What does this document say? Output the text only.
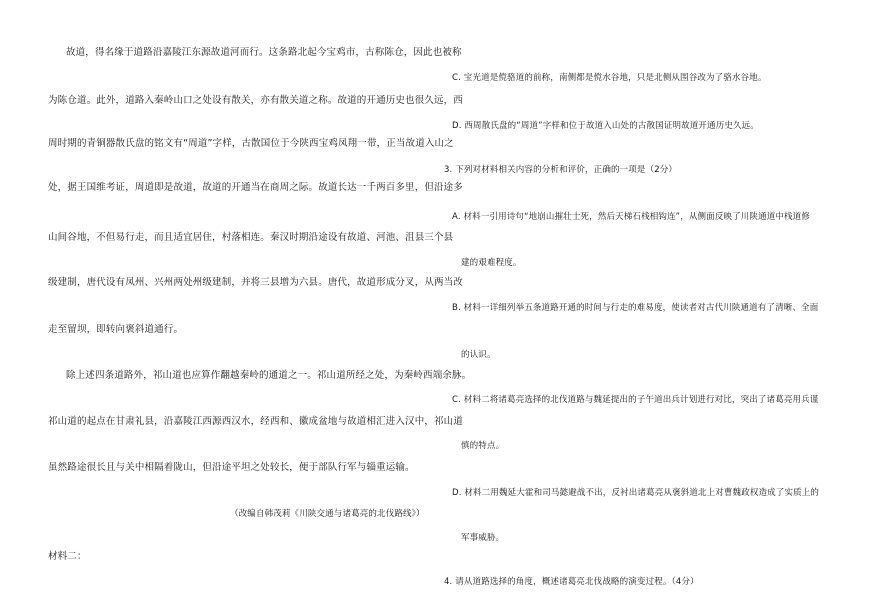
故道，得名缘于道路沿嘉陵江东源故道河而行。这条路北起今宝鸡市，古称陈仓，因此也被称
为陈仓道。此外，道路入秦岭山口之处设有散关，亦有散关道之称。故道的开通历史也很久远，西
周时期的青铜器散氏盘的铭文有“周道”字样，古散国位于今陕西宝鸡凤翔一带，正当故道入山之
处，据王国维考证，周道即是故道，故道的开通当在商周之际。故道长达一千两百多里，但沿途多
山间谷地，不但易行走，而且适宜居住，村落相连。秦汉时期沿途设有故道、河池、沮县三个县
级建制，唐代设有凤州、兴州两处州级建制，并将三县增为六县。唐代，故道形成分叉，从两当改
走至留坝，即转向褒斜道通行。
除上述四条道路外，祁山道也应算作翻越秦岭的通道之一。祁山道所经之处，为秦岭西端余脉。
祁山道的起点在甘肃礼县，沿嘉陵江西源西汉水，经西和、徽成盆地与故道相汇进入汉中，祁山道
虽然路途很长且与关中相隔着陇山，但沿途平坦之处较长，便于部队行军与辎重运输。
（改编自韩茂莉《川陕交通与诸葛亮的北伐路线》）
材料二：
C. 宝光道是傥骆道的前称，南侧都是傥水谷地，只是北侧从围谷改为了骆水谷地。
D. 西周散氏盘的“周道”字样和位于故道入山处的古散国证明故道开通历史久远。
3. 下列对材料相关内容的分析和评价，正确的一项是（2分）
A. 材料一引用诗句“地崩山摧壮士死，然后天梯石栈相钩连”，从侧面反映了川陕通道中栈道修
建的艰难程度。
B. 材料一详细列举五条道路开通的时间与行走的难易度，使读者对古代川陕通道有了清晰、全面
的认识。
C. 材料二将诸葛亮选择的北伐道路与魏延提出的子午道出兵计划进行对比，突出了诸葛亮用兵谨
慎的特点。
D. 材料二用魏延大霍和司马懿避战不出，反衬出诸葛亮从褒斜道北上对曹魏政权造成了实质上的
军事威胁。
4. 请从道路选择的角度，概述诸葛亮北伐战略的演变过程。（4分）
